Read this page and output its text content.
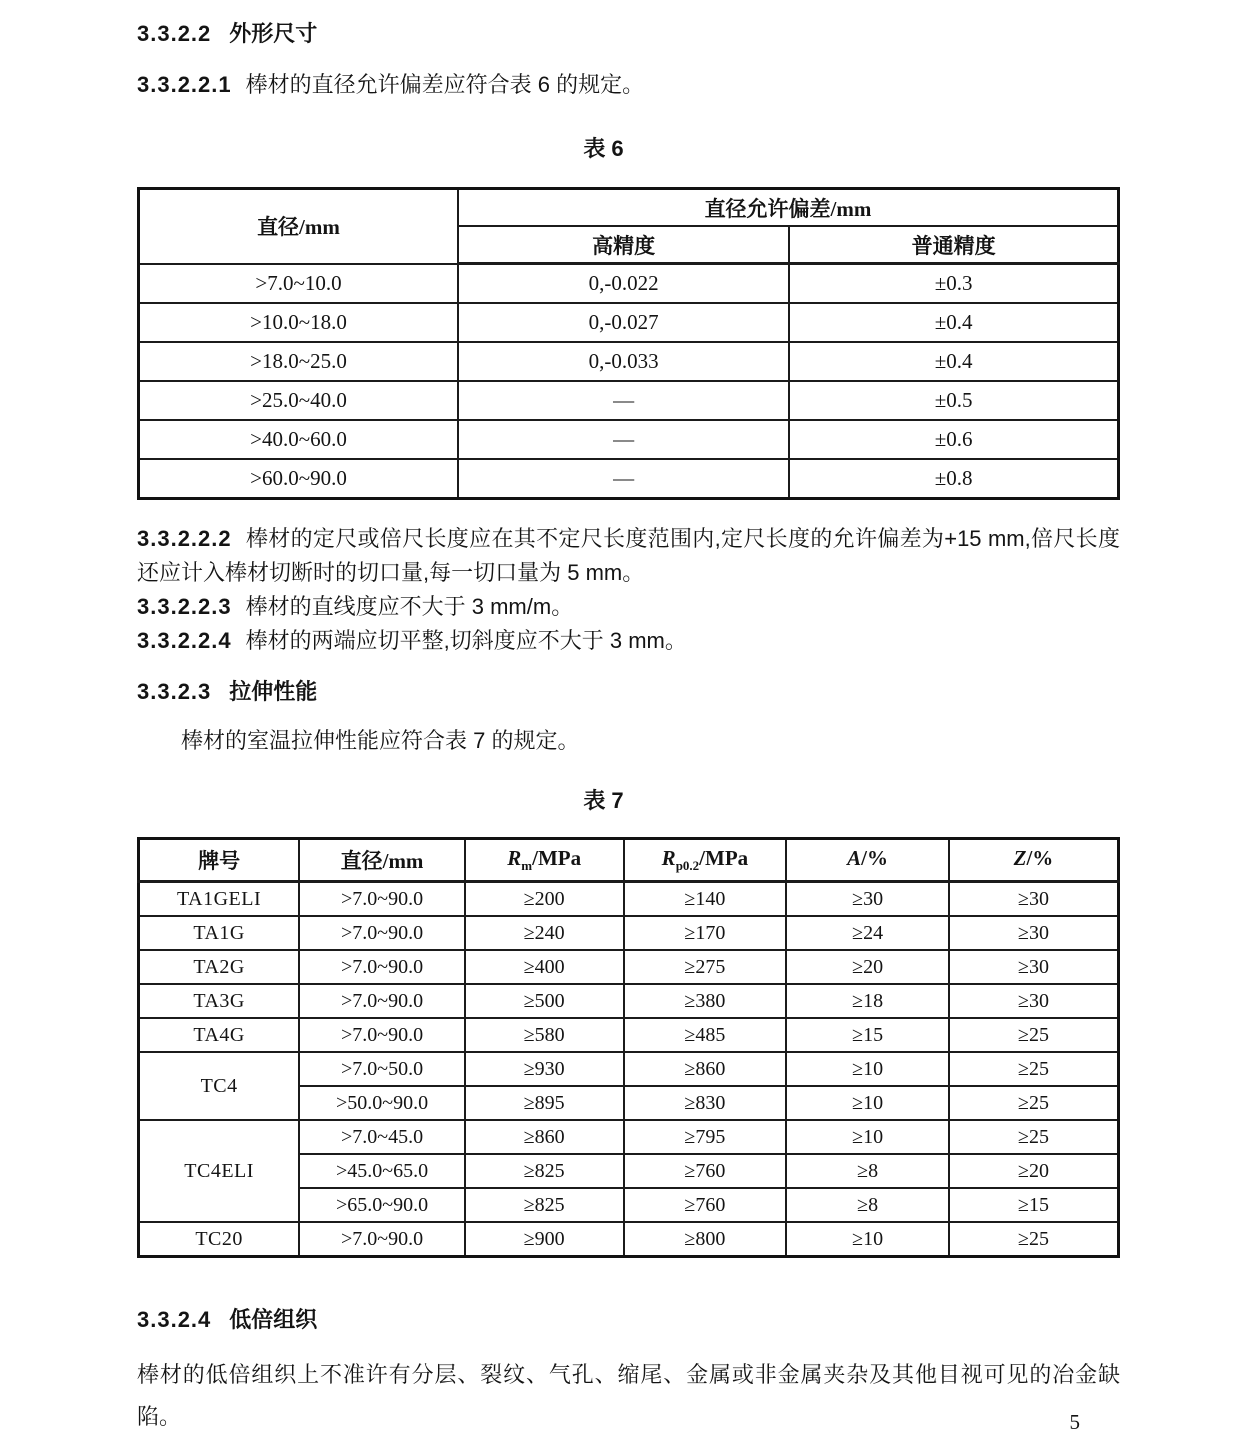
3.3.2.2 外形尺寸

3.3.2.2.1 棒材的直径允许偏差应符合表 6 的规定。

表 6
直径/mm	直径允许偏差/mm	
	高精度	普通精度
>7.0~10.0	0,-0.022	±0.3
>10.0~18.0	0,-0.027	±0.4
>18.0~25.0	0,-0.033	±0.4
>25.0~40.0	—	±0.5
>40.0~60.0	—	±0.6
>60.0~90.0	—	±0.8

3.3.2.2.2 棒材的定尺或倍尺长度应在其不定尺长度范围内,定尺长度的允许偏差为+15 mm,倍尺长度还应计入棒材切断时的切口量,每一切口量为 5 mm。

3.3.2.2.3 棒材的直线度应不大于 3 mm/m。

3.3.2.2.4 棒材的两端应切平整,切斜度应不大于 3 mm。

3.3.2.3 拉伸性能

棒材的室温拉伸性能应符合表 7 的规定。

表 7
牌号	直径/mm	$R_m$/MPa	$R_{p0.2}$/MPa	A/%	Z/%
TA1GELI	>7.0~90.0	≥200	≥140	≥30	≥30
TA1G	>7.0~90.0	≥240	≥170	≥24	≥30
TA2G	>7.0~90.0	≥400	≥275	≥20	≥30
TA3G	>7.0~90.0	≥500	≥380	≥18	≥30
TA4G	>7.0~90.0	≥580	≥485	≥15	≥25
TC4	>7.0~50.0	≥930	≥860	≥10	≥25
	>50.0~90.0	≥895	≥830	≥10	≥25
TC4ELI	>7.0~45.0	≥860	≥795	≥10	≥25
	>45.0~65.0	≥825	≥760	≥8	≥20
	>65.0~90.0	≥825	≥760	≥8	≥15
TC20	>7.0~90.0	≥900	≥800	≥10	≥25

3.3.2.4 低倍组织

棒材的低倍组织上不准许有分层、裂纹、气孔、缩尾、金属或非金属夹杂及其他目视可见的冶金缺陷。	5
